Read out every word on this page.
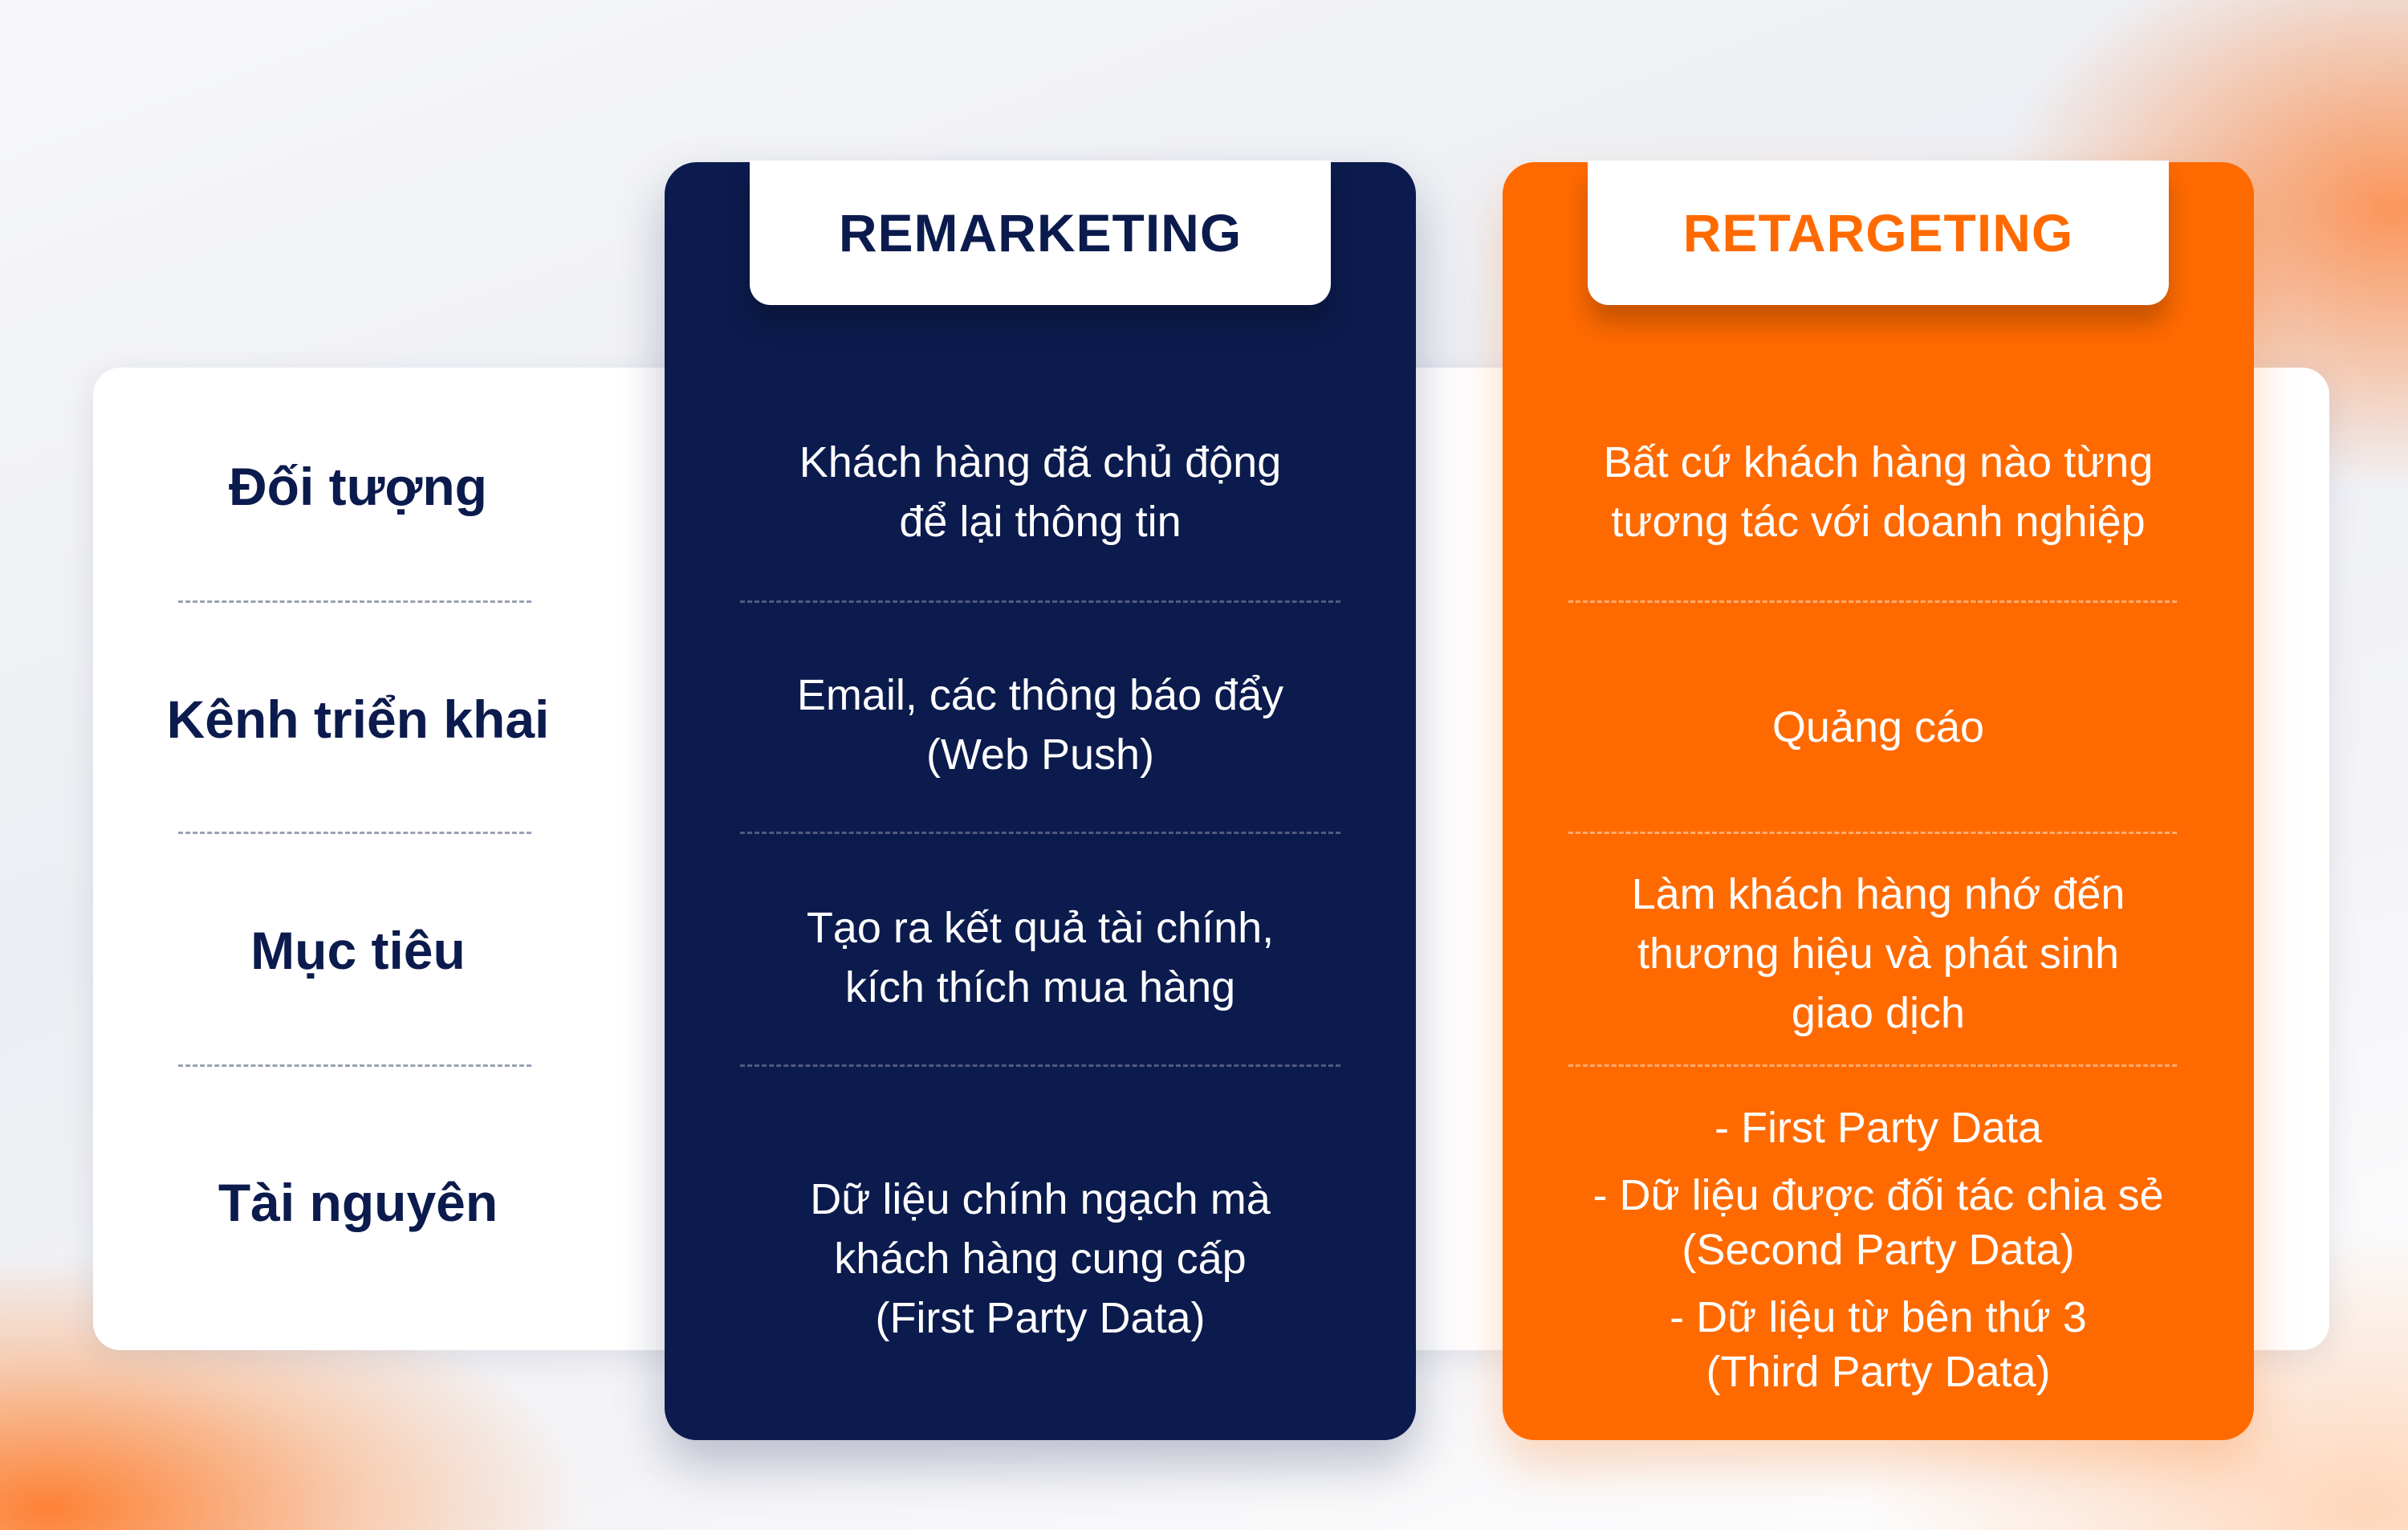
REMARKETING	RETARGETING
Đối tượng
Kênh triển khai
Mục tiêu
Tài nguyên
Khách hàng đã chủ động
để lại thông tin
Email, các thông báo đẩy
(Web Push)
Tạo ra kết quả tài chính,
kích thích mua hàng
Dữ liệu chính ngạch mà
khách hàng cung cấp
(First Party Data)
Bất cứ khách hàng nào từng
tương tác với doanh nghiệp
Quảng cáo
Làm khách hàng nhớ đến
thương hiệu và phát sinh
giao dịch
- First Party Data
- Dữ liệu được đối tác chia sẻ
(Second Party Data)
- Dữ liệu từ bên thứ 3
(Third Party Data)
